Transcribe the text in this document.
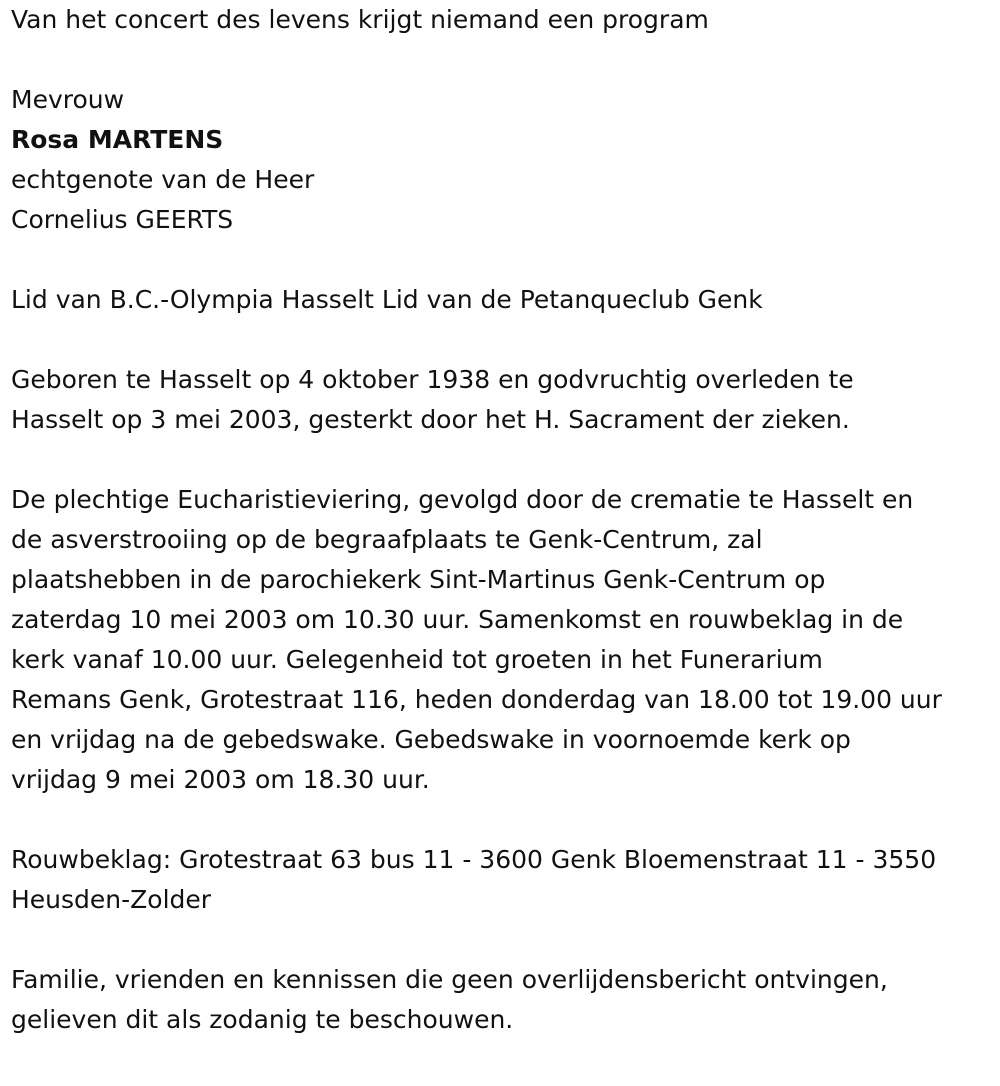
Van het concert des levens krijgt niemand een program

Mevrouw

Rosa MARTENS

echtgenote van de Heer

Cornelius GEERTS

Lid van B.C.-Olympia Hasselt Lid van de Petanqueclub Genk

Geboren te Hasselt op 4 oktober 1938 en godvruchtig overleden te

Hasselt op 3 mei 2003, gesterkt door het H. Sacrament der zieken.

De plechtige Eucharistieviering, gevolgd door de crematie te Hasselt en

de asverstrooiing op de begraafplaats te Genk-Centrum, zal

plaatshebben in de parochiekerk Sint-Martinus Genk-Centrum op

zaterdag 10 mei 2003 om 10.30 uur. Samenkomst en rouwbeklag in de

kerk vanaf 10.00 uur. Gelegenheid tot groeten in het Funerarium

Remans Genk, Grotestraat 116, heden donderdag van 18.00 tot 19.00 uur

en vrijdag na de gebedswake. Gebedswake in voornoemde kerk op

vrijdag 9 mei 2003 om 18.30 uur.

Rouwbeklag: Grotestraat 63 bus 11 - 3600 Genk Bloemenstraat 11 - 3550

Heusden-Zolder

Familie, vrienden en kennissen die geen overlijdensbericht ontvingen,

gelieven dit als zodanig te beschouwen.
